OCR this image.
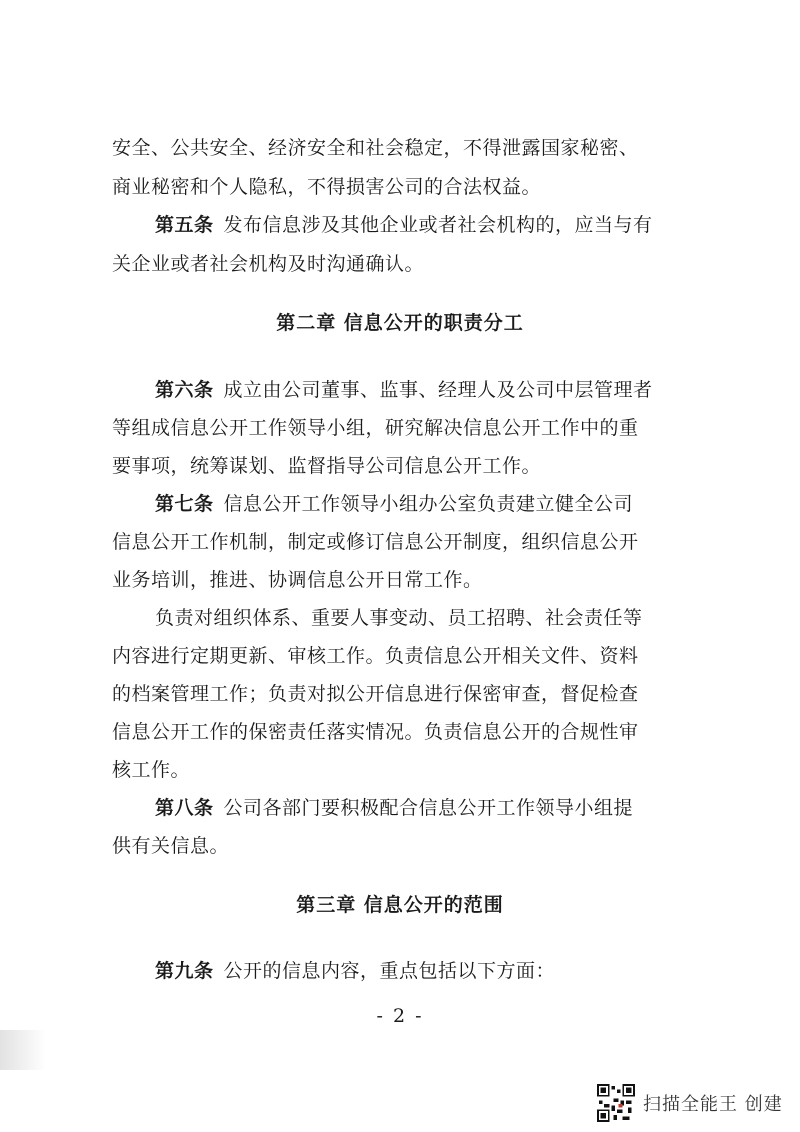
安全、公共安全、经济安全和社会稳定，不得泄露国家秘密、
商业秘密和个人隐私，不得损害公司的合法权益。
第五条 发布信息涉及其他企业或者社会机构的，应当与有
关企业或者社会机构及时沟通确认。
第二章 信息公开的职责分工
第六条 成立由公司董事、监事、经理人及公司中层管理者
等组成信息公开工作领导小组，研究解决信息公开工作中的重
要事项，统筹谋划、监督指导公司信息公开工作。
第七条 信息公开工作领导小组办公室负责建立健全公司
信息公开工作机制，制定或修订信息公开制度，组织信息公开
业务培训，推进、协调信息公开日常工作。
负责对组织体系、重要人事变动、员工招聘、社会责任等
内容进行定期更新、审核工作。负责信息公开相关文件、资料
的档案管理工作；负责对拟公开信息进行保密审查，督促检查
信息公开工作的保密责任落实情况。负责信息公开的合规性审
核工作。
第八条 公司各部门要积极配合信息公开工作领导小组提
供有关信息。
第三章 信息公开的范围
第九条 公开的信息内容，重点包括以下方面：
- 2 -
扫描全能王 创建
